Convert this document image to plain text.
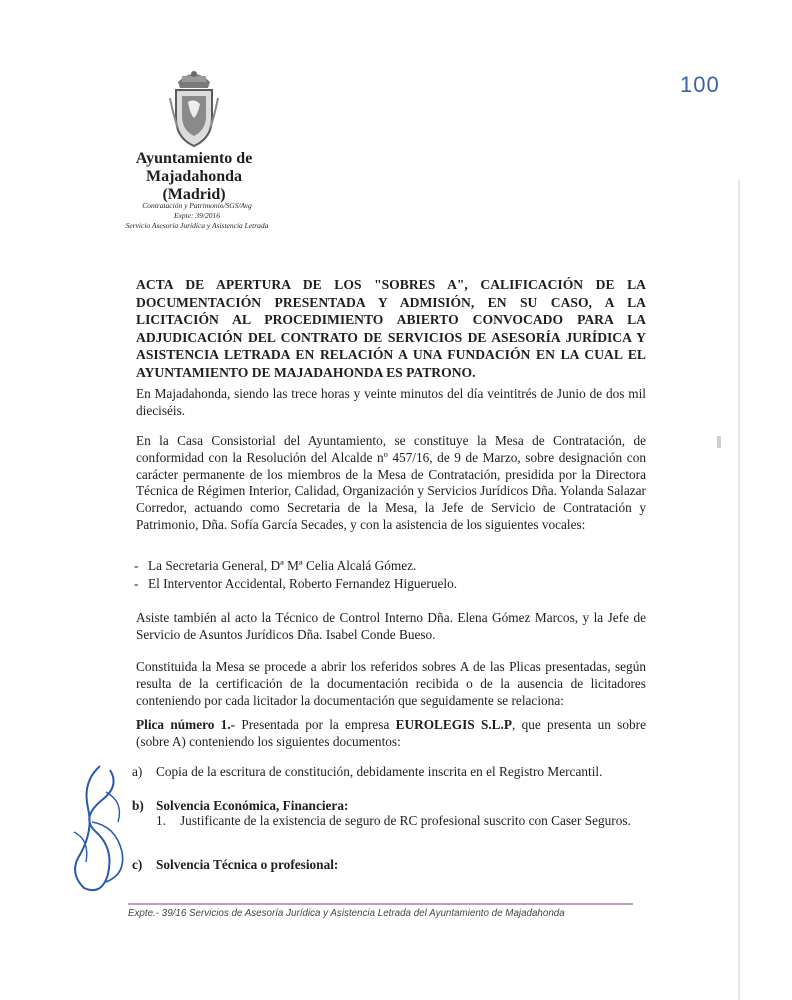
100
Ayuntamiento de
Majadahonda
(Madrid)
Contratación y Patrimonio/SGS/Avg
Expte: 39/2016
Servicio Asesoría Jurídica y Asistencia Letrada
ACTA DE APERTURA DE LOS "SOBRES A", CALIFICACIÓN DE LA DOCUMENTACIÓN PRESENTADA Y ADMISIÓN, EN SU CASO, A LA LICITACIÓN AL PROCEDIMIENTO ABIERTO CONVOCADO PARA LA ADJUDICACIÓN DEL CONTRATO DE SERVICIOS DE ASESORÍA JURÍDICA Y ASISTENCIA LETRADA EN RELACIÓN A UNA FUNDACIÓN EN LA CUAL EL AYUNTAMIENTO DE MAJADAHONDA ES PATRONO.
En Majadahonda, siendo las trece horas y veinte minutos del día veintitrés de Junio de dos mil dieciséis.
En la Casa Consistorial del Ayuntamiento, se constituye la Mesa de Contratación, de conformidad con la Resolución del Alcalde nº 457/16, de 9 de Marzo, sobre designación con carácter permanente de los miembros de la Mesa de Contratación, presidida por la Directora Técnica de Régimen Interior, Calidad, Organización y Servicios Jurídicos Dña. Yolanda Salazar Corredor, actuando como Secretaria de la Mesa, la Jefe de Servicio de Contratación y Patrimonio, Dña. Sofía García Secades, y con la asistencia de los siguientes vocales:
- La Secretaria General, Dª Mª Celia Alcalá Gómez.
- El Interventor Accidental, Roberto Fernandez Higueruelo.
Asiste también al acto la Técnico de Control Interno Dña. Elena Gómez Marcos, y la Jefe de Servicio de Asuntos Jurídicos Dña. Isabel Conde Bueso.
Constituida la Mesa se procede a abrir los referidos sobres A de las Plicas presentadas, según resulta de la certificación de la documentación recibida o de la ausencia de licitadores conteniendo por cada licitador la documentación que seguidamente se relaciona:
Plica número 1.- Presentada por la empresa EUROLEGIS S.L.P, que presenta un sobre (sobre A) conteniendo los siguientes documentos:
a) Copia de la escritura de constitución, debidamente inscrita en el Registro Mercantil.
b) Solvencia Económica, Financiera:
1. Justificante de la existencia de seguro de RC profesional suscrito con Caser Seguros.
c) Solvencia Técnica o profesional:
Expte.- 39/16 Servicios de Asesoría Jurídica y Asistencia Letrada del Ayuntamiento de Majadahonda
